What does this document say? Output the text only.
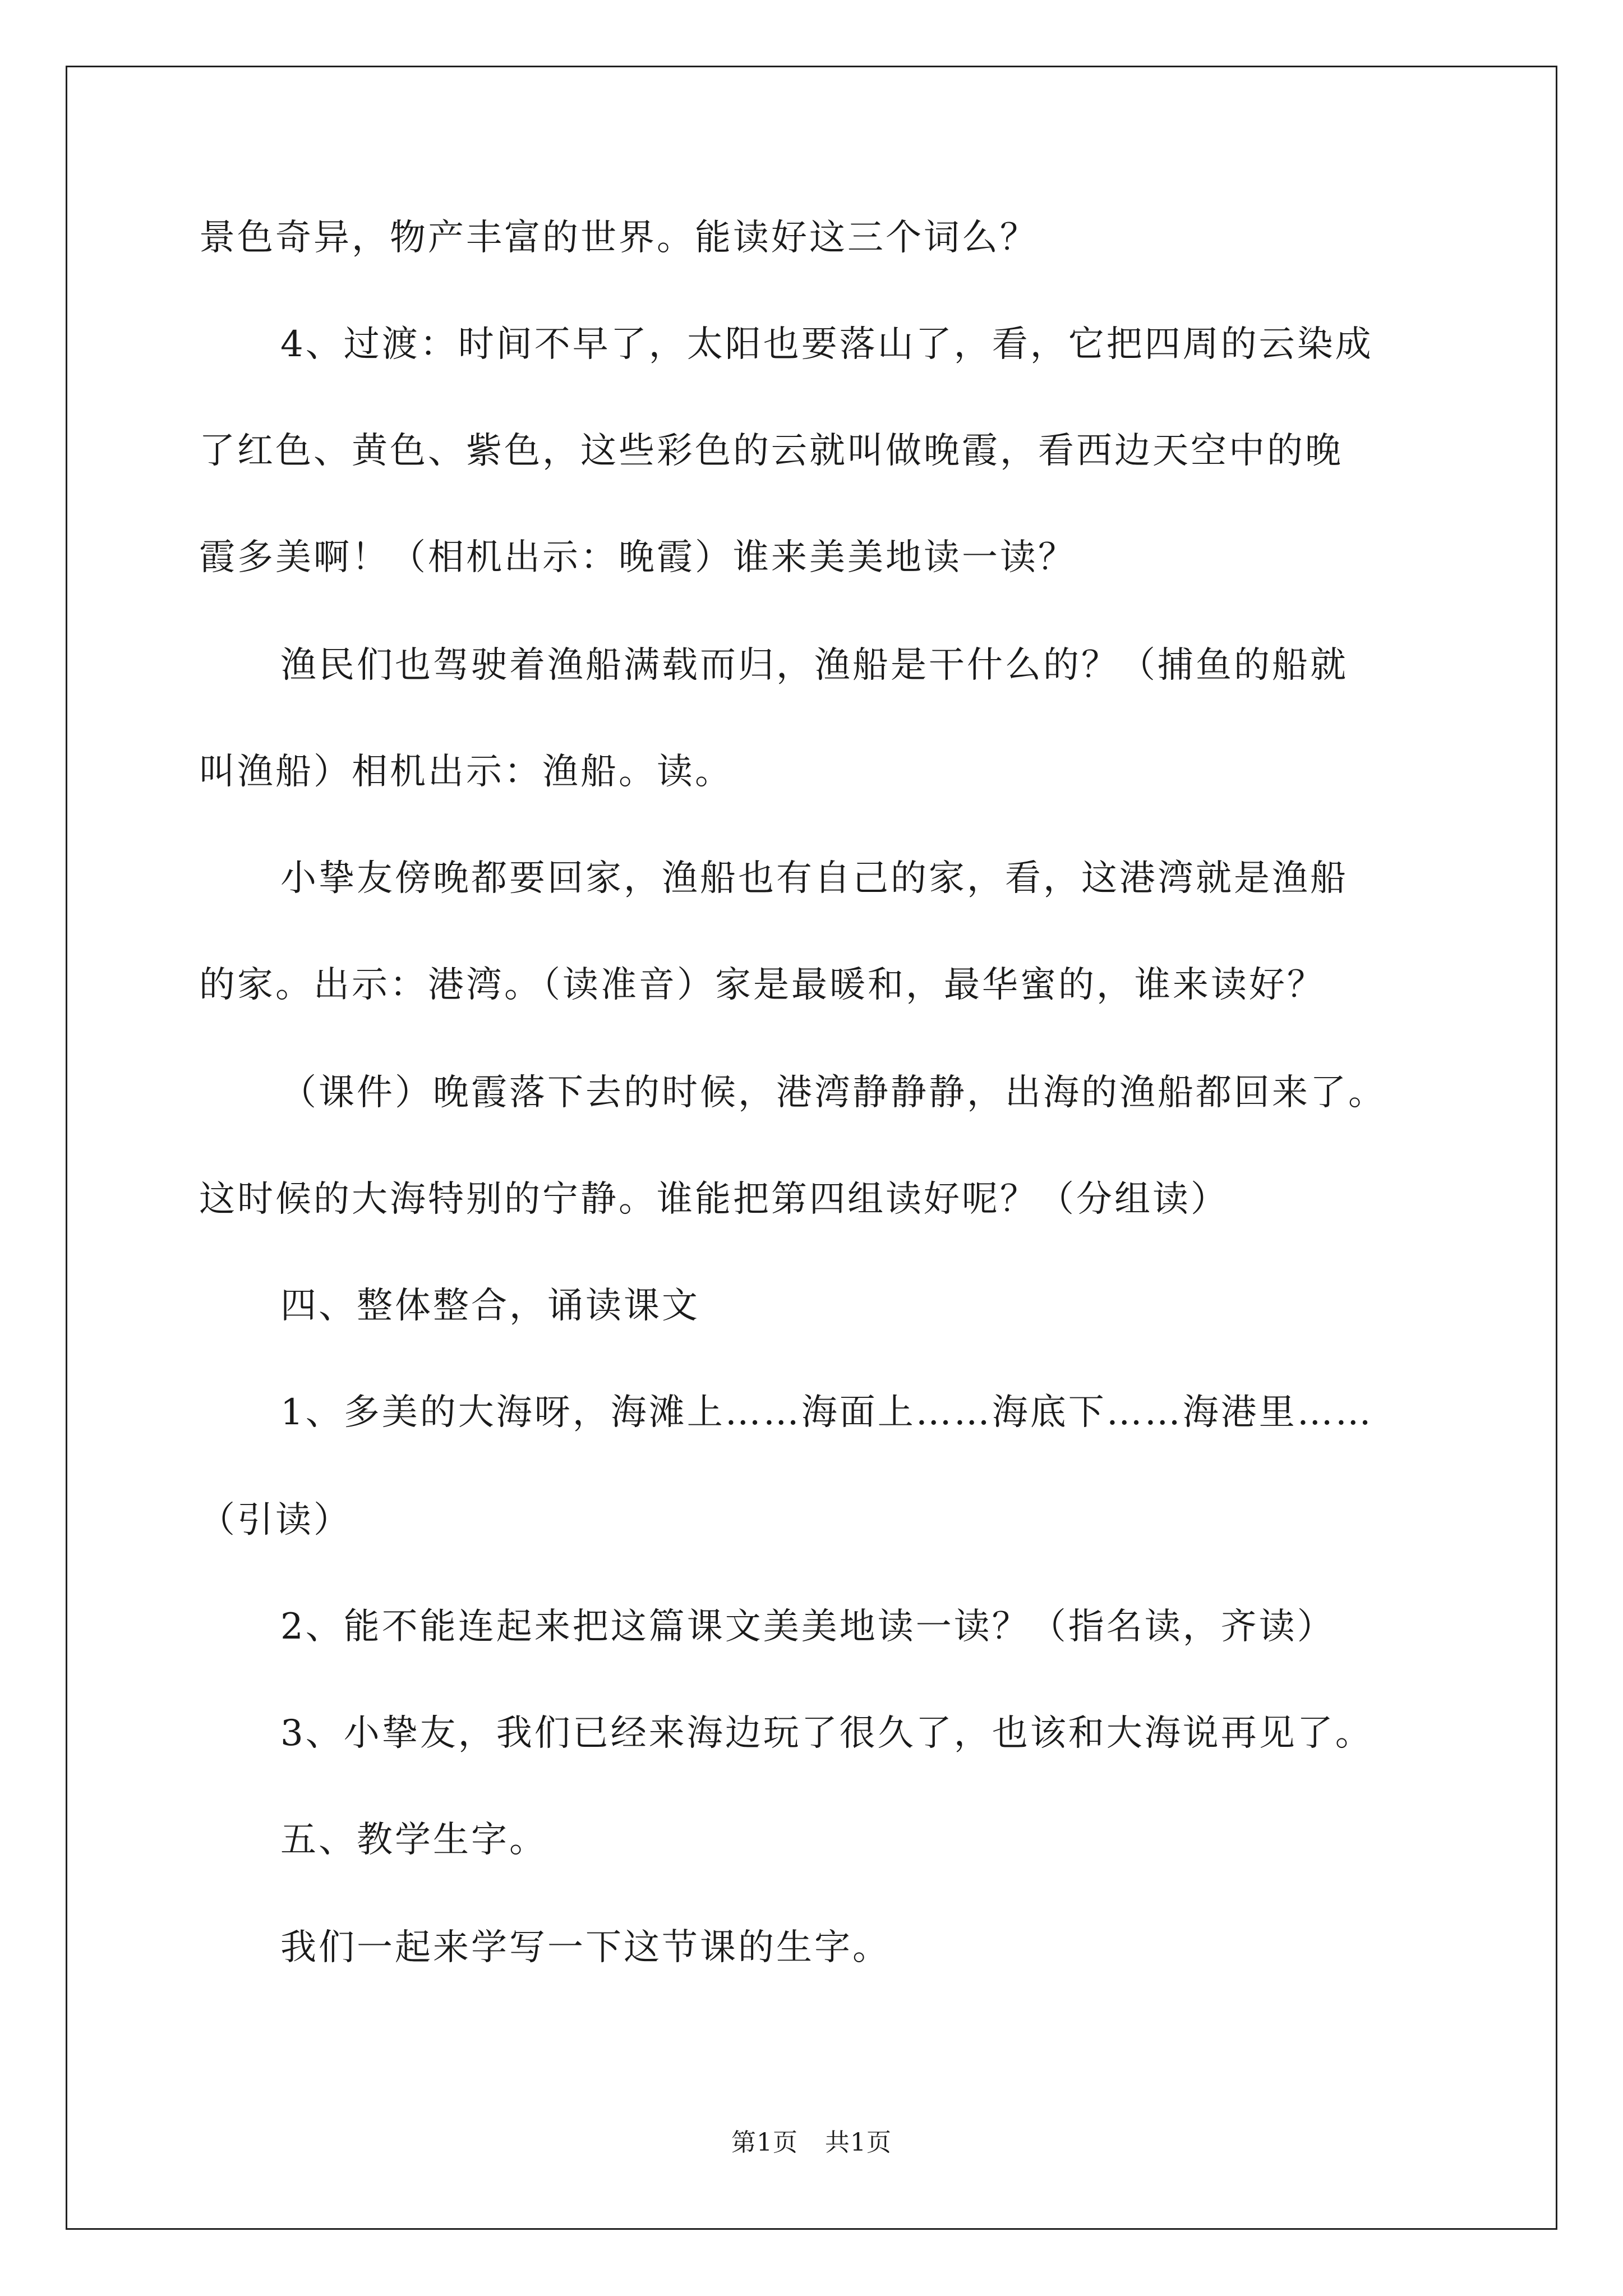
景色奇异，物产丰富的世界。能读好这三个词么？
4、过渡：时间不早了，太阳也要落山了，看，它把四周的云染成
了红色、黄色、紫色，这些彩色的云就叫做晚霞，看西边天空中的晚
霞多美啊！（相机出示：晚霞）谁来美美地读一读？
渔民们也驾驶着渔船满载而归，渔船是干什么的？（捕鱼的船就
叫渔船）相机出示：渔船。读。
小挚友傍晚都要回家，渔船也有自己的家，看，这港湾就是渔船
的家。出示：港湾。（读准音）家是最暖和，最华蜜的，谁来读好？
（课件）晚霞落下去的时候，港湾静静静，出海的渔船都回来了。
这时候的大海特别的宁静。谁能把第四组读好呢？（分组读）
四、整体整合，诵读课文
1、多美的大海呀，海滩上……海面上……海底下……海港里……
（引读）
2、能不能连起来把这篇课文美美地读一读？（指名读，齐读）
3、小挚友，我们已经来海边玩了很久了，也该和大海说再见了。
五、教学生字。
我们一起来学写一下这节课的生字。
第1页 共1页
